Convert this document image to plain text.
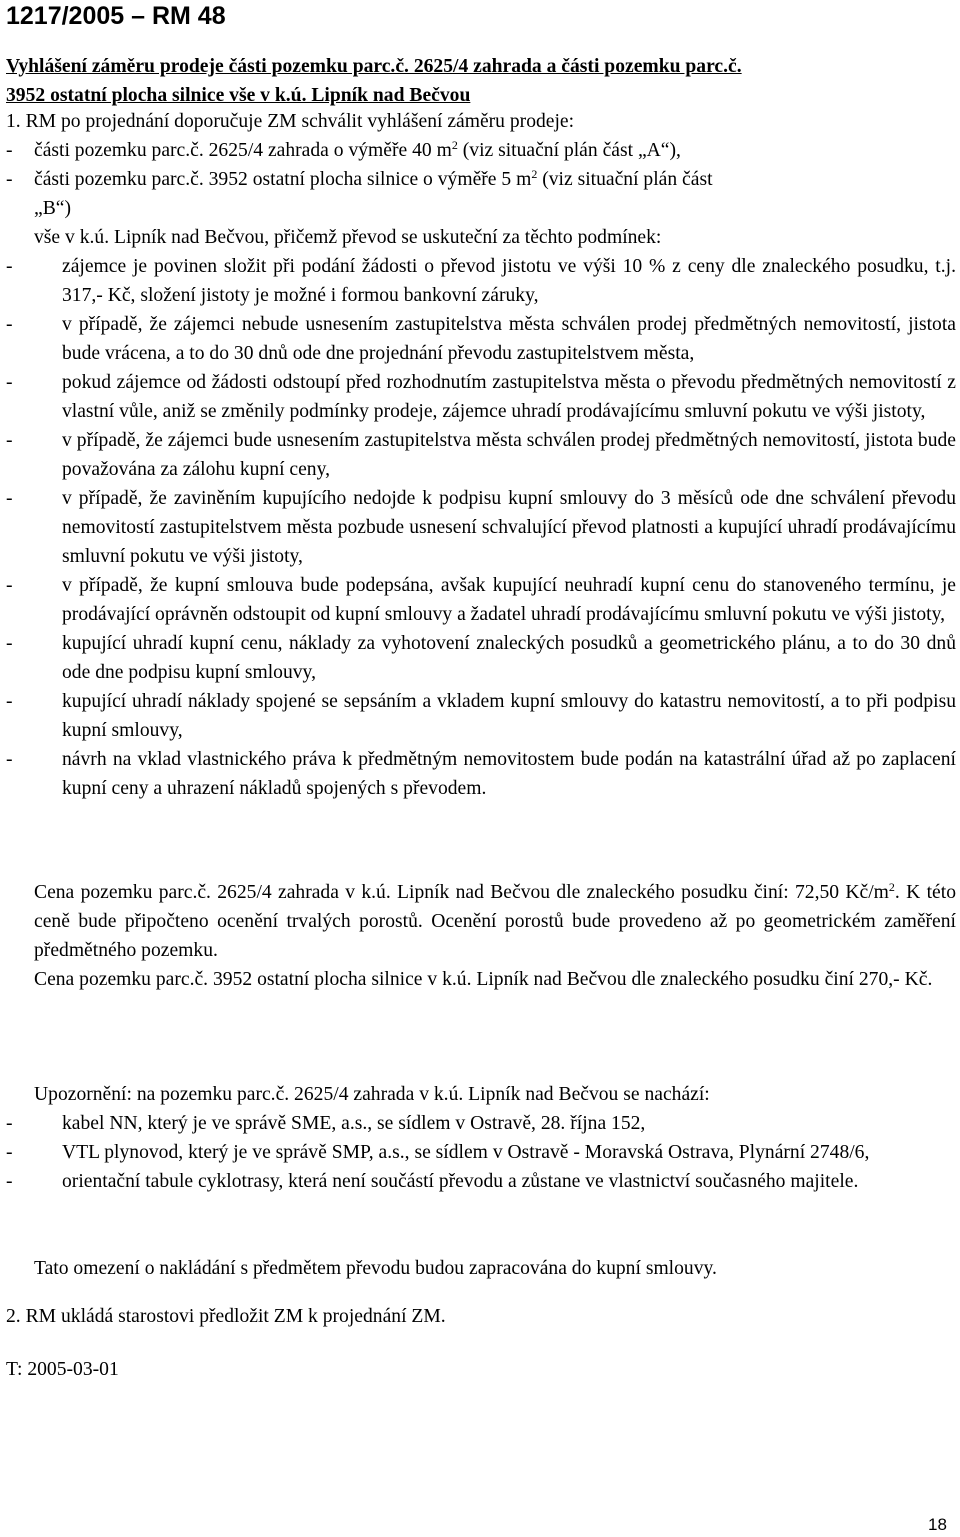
1217/2005 – RM 48
Vyhlášení záměru prodeje části pozemku parc.č. 2625/4 zahrada a části pozemku parc.č.
3952 ostatní plocha silnice vše v k.ú. Lipník nad Bečvou
1. RM po projednání doporučuje ZM schválit vyhlášení záměru prodeje:
- části pozemku parc.č. 2625/4 zahrada o výměře 40 $m^2$ (viz situační plán část „A“),
- části pozemku parc.č. 3952 ostatní plocha silnice o výměře 5 $m^2$ (viz situační plán část
„B“)
vše v k.ú. Lipník nad Bečvou, přičemž převod se uskuteční za těchto podmínek:
-	zájemce je povinen složit při podání žádosti o převod jistotu ve výši 10 % z ceny dle znaleckého posudku, t.j. 317,- Kč, složení jistoty je možné i formou bankovní záruky,
-	v případě, že zájemci nebude usnesením zastupitelstva města schválen prodej předmětných nemovitostí, jistota bude vrácena, a to do 30 dnů ode dne projednání převodu zastupitelstvem města,
-	pokud zájemce od žádosti odstoupí před rozhodnutím zastupitelstva města o převodu předmětných nemovitostí z vlastní vůle, aniž se změnily podmínky prodeje, zájemce uhradí prodávajícímu smluvní pokutu ve výši jistoty,
-	v případě, že zájemci bude usnesením zastupitelstva města schválen prodej předmětných nemovitostí, jistota bude považována za zálohu kupní ceny,
-	v případě, že zaviněním kupujícího nedojde k podpisu kupní smlouvy do 3 měsíců ode dne schválení převodu nemovitostí zastupitelstvem města pozbude usnesení schvalující převod platnosti a kupující uhradí prodávajícímu smluvní pokutu ve výši jistoty,
-	v případě, že kupní smlouva bude podepsána, avšak kupující neuhradí kupní cenu do stanoveného termínu, je prodávající oprávněn odstoupit od kupní smlouvy a žadatel uhradí prodávajícímu smluvní pokutu ve výši jistoty,
-	kupující uhradí kupní cenu, náklady za vyhotovení znaleckých posudků a geometrického plánu, a to do 30 dnů ode dne podpisu kupní smlouvy,
-	kupující uhradí náklady spojené se sepsáním a vkladem kupní smlouvy do katastru nemovitostí, a to při podpisu kupní smlouvy,
-	návrh na vklad vlastnického práva k předmětným nemovitostem bude podán na katastrální úřad až po zaplacení kupní ceny a uhrazení nákladů spojených s převodem.

Cena pozemku parc.č. 2625/4 zahrada v k.ú. Lipník nad Bečvou dle znaleckého posudku činí: 72,50 $Kč/m^2$. K této ceně bude připočteno ocenění trvalých porostů. Ocenění porostů bude provedeno až po geometrickém zaměření předmětného pozemku.

Cena pozemku parc.č. 3952 ostatní plocha silnice v k.ú. Lipník nad Bečvou dle znaleckého posudku činí 270,- Kč.

Upozornění: na pozemku parc.č. 2625/4 zahrada v k.ú. Lipník nad Bečvou se nachází:
-	kabel NN, který je ve správě SME, a.s., se sídlem v Ostravě, 28. října 152,
-	VTL plynovod, který je ve správě SMP, a.s., se sídlem v Ostravě - Moravská Ostrava, Plynární 2748/6,
-	orientační tabule cyklotrasy, která není součástí převodu a zůstane ve vlastnictví současného majitele.
Tato omezení o nakládání s předmětem převodu budou zapracována do kupní smlouvy.
2. RM ukládá starostovi předložit ZM k projednání ZM.
T: 2005-03-01
18
